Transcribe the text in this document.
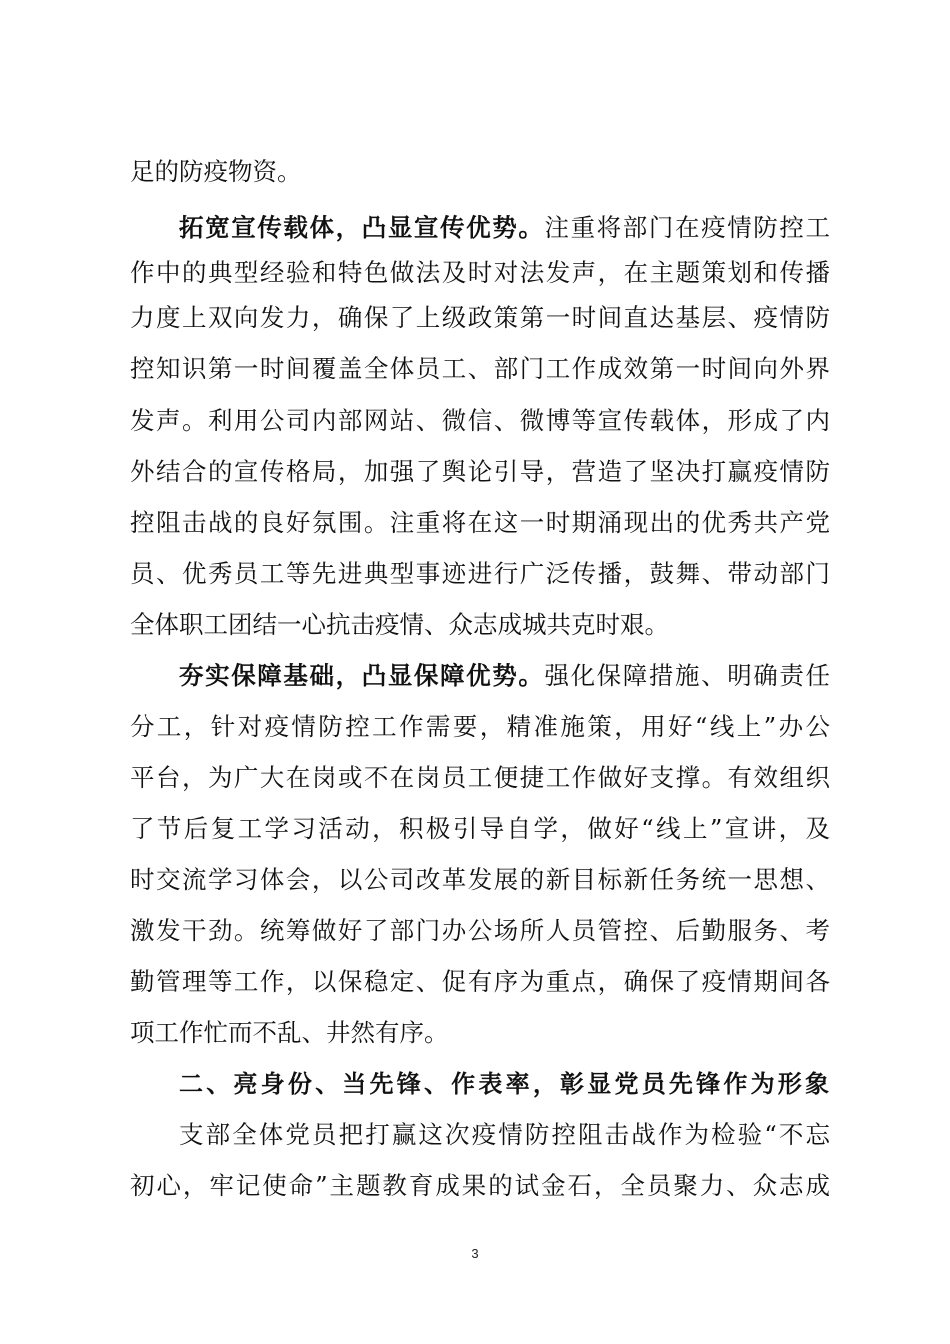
足的防疫物资。
拓宽宣传载体，凸显宣传优势。注重将部门在疫情防控工
作中的典型经验和特色做法及时对法发声，在主题策划和传播
力度上双向发力，确保了上级政策第一时间直达基层、疫情防
控知识第一时间覆盖全体员工、部门工作成效第一时间向外界
发声。利用公司内部网站、微信、微博等宣传载体，形成了内
外结合的宣传格局，加强了舆论引导，营造了坚决打赢疫情防
控阻击战的良好氛围。注重将在这一时期涌现出的优秀共产党
员、优秀员工等先进典型事迹进行广泛传播，鼓舞、带动部门
全体职工团结一心抗击疫情、众志成城共克时艰。
夯实保障基础，凸显保障优势。强化保障措施、明确责任
分工，针对疫情防控工作需要，精准施策，用好“线上”办公
平台，为广大在岗或不在岗员工便捷工作做好支撑。有效组织
了节后复工学习活动，积极引导自学，做好“线上”宣讲，及
时交流学习体会，以公司改革发展的新目标新任务统一思想、
激发干劲。统筹做好了部门办公场所人员管控、后勤服务、考
勤管理等工作，以保稳定、促有序为重点，确保了疫情期间各
项工作忙而不乱、井然有序。
二、亮身份、当先锋、作表率，彰显党员先锋作为形象
支部全体党员把打赢这次疫情防控阻击战作为检验“不忘
初心，牢记使命”主题教育成果的试金石，全员聚力、众志成
3
